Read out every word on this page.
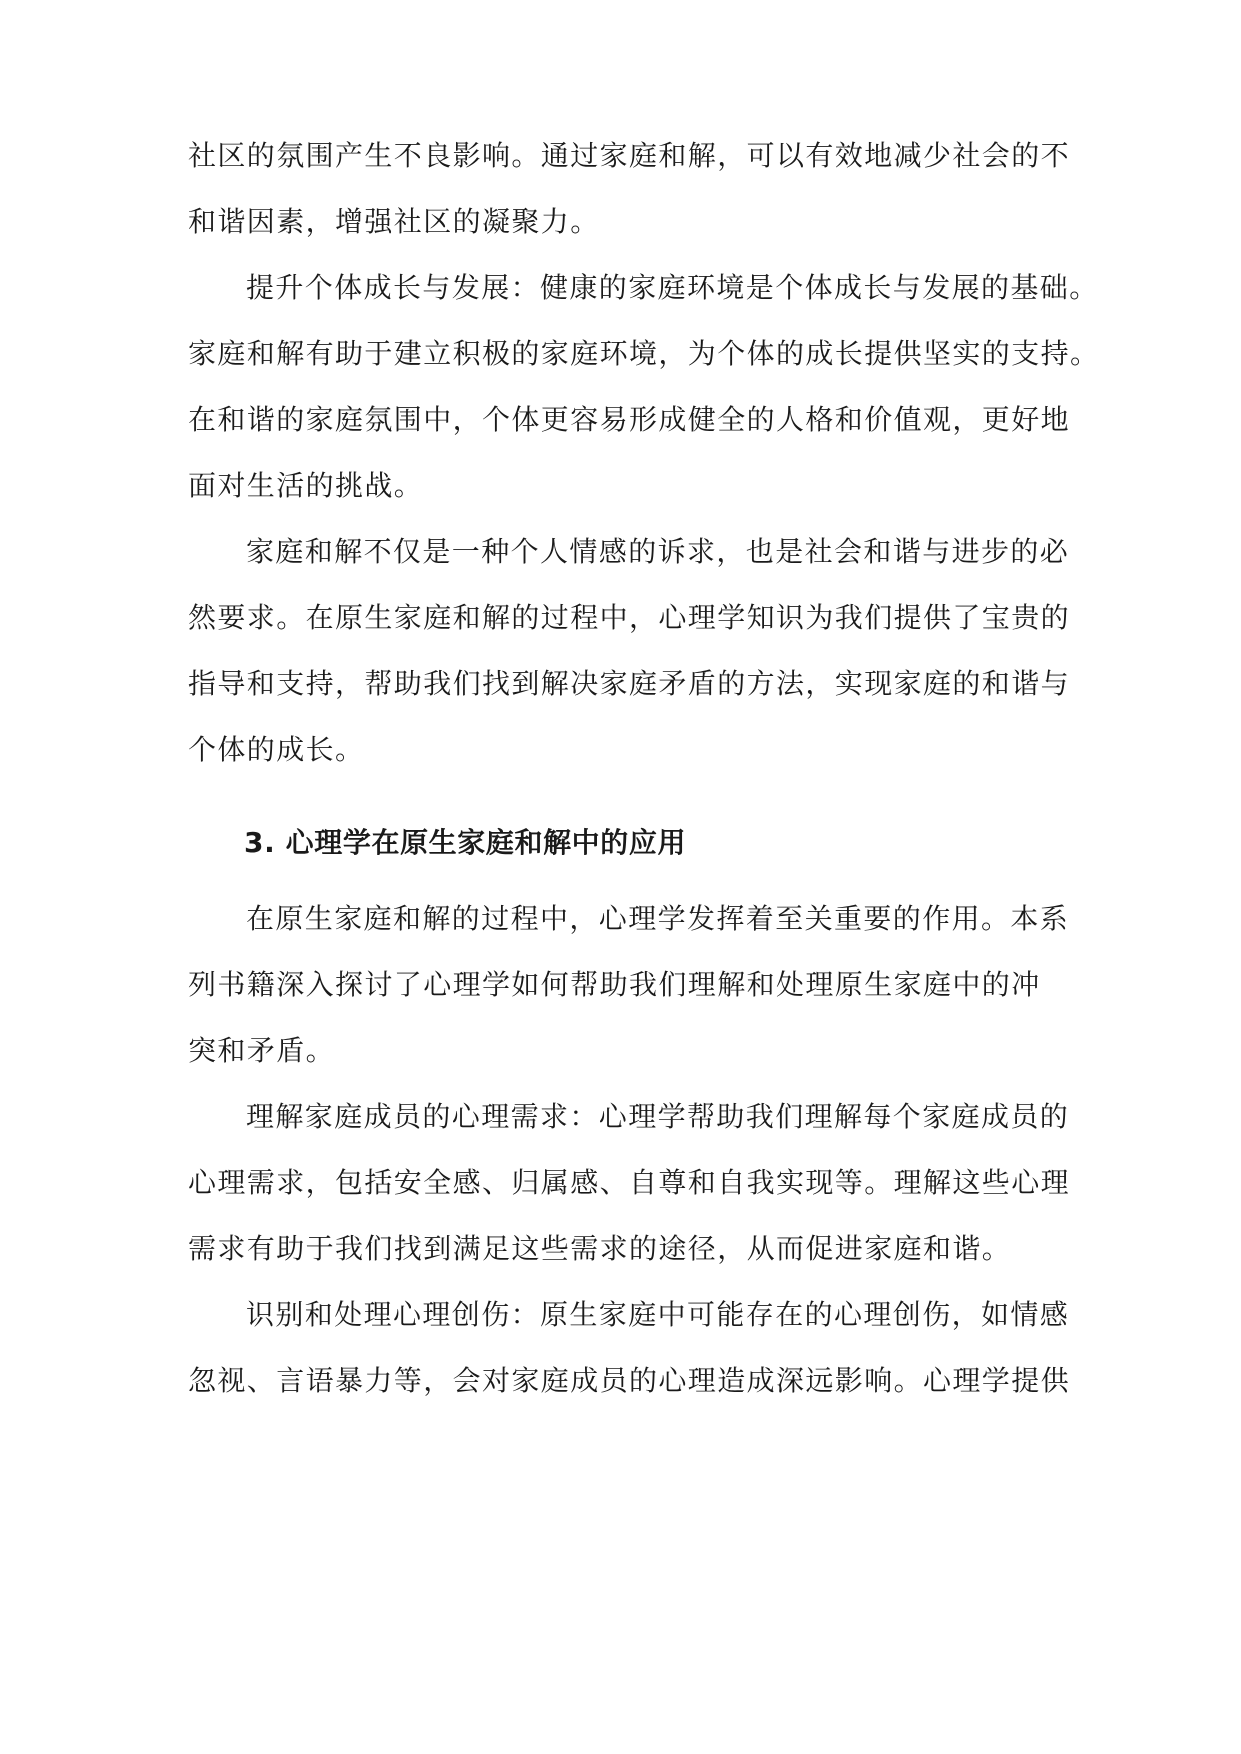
社区的氛围产生不良影响。通过家庭和解，可以有效地减少社会的不
和谐因素，增强社区的凝聚力。
提升个体成长与发展：健康的家庭环境是个体成长与发展的基础。
家庭和解有助于建立积极的家庭环境，为个体的成长提供坚实的支持。
在和谐的家庭氛围中，个体更容易形成健全的人格和价值观，更好地
面对生活的挑战。
家庭和解不仅是一种个人情感的诉求，也是社会和谐与进步的必
然要求。在原生家庭和解的过程中，心理学知识为我们提供了宝贵的
指导和支持，帮助我们找到解决家庭矛盾的方法，实现家庭的和谐与
个体的成长。
3. 心理学在原生家庭和解中的应用
在原生家庭和解的过程中，心理学发挥着至关重要的作用。本系
列书籍深入探讨了心理学如何帮助我们理解和处理原生家庭中的冲
突和矛盾。
理解家庭成员的心理需求：心理学帮助我们理解每个家庭成员的
心理需求，包括安全感、归属感、自尊和自我实现等。理解这些心理
需求有助于我们找到满足这些需求的途径，从而促进家庭和谐。
识别和处理心理创伤：原生家庭中可能存在的心理创伤，如情感
忽视、言语暴力等，会对家庭成员的心理造成深远影响。心理学提供
